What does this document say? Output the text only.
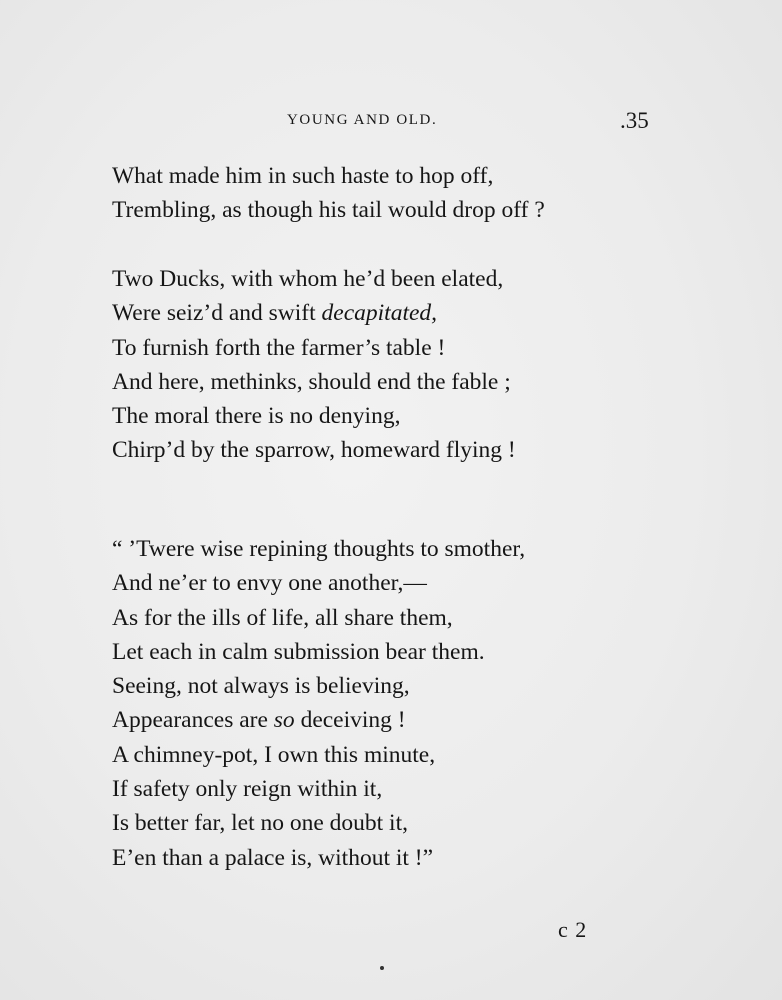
YOUNG AND OLD.	.35
What made him in such haste to hop off,
Trembling, as though his tail would drop off ?
Two Ducks, with whom he’d been elated,
Were seiz’d and swift decapitated,
To furnish forth the farmer’s table !
And here, methinks, should end the fable ;
The moral there is no denying,
Chirp’d by the sparrow, homeward flying !
“ ’Twere wise repining thoughts to smother,
And ne’er to envy one another,—
As for the ills of life, all share them,
Let each in calm submission bear them.
Seeing, not always is believing,
Appearances are so deceiving !
A chimney-pot, I own this minute,
If safety only reign within it,
Is better far, let no one doubt it,
E’en than a palace is, without it !”
c 2
